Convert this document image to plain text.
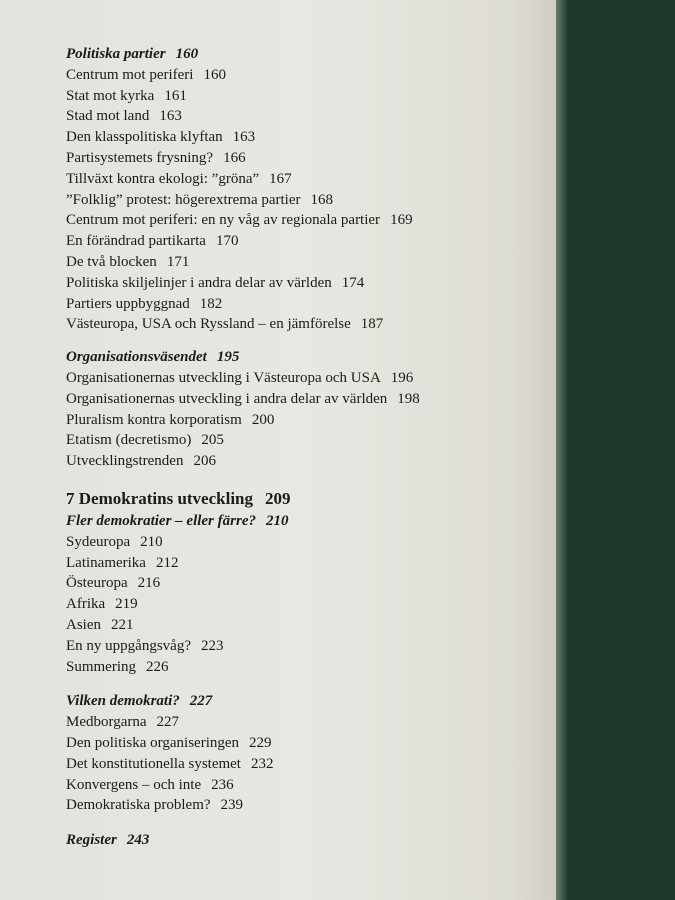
Politiska partier 160
Centrum mot periferi 160
Stat mot kyrka 161
Stad mot land 163
Den klasspolitiska klyftan 163
Partisystemets frysning? 166
Tillväxt kontra ekologi: ”gröna” 167
”Folklig” protest: högerextrema partier 168
Centrum mot periferi: en ny våg av regionala partier 169
En förändrad partikarta 170
De två blocken 171
Politiska skiljelinjer i andra delar av världen 174
Partiers uppbyggnad 182
Västeuropa, USA och Ryssland – en jämförelse 187
Organisationsväsendet 195
Organisationernas utveckling i Västeuropa och USA 196
Organisationernas utveckling i andra delar av världen 198
Pluralism kontra korporatism 200
Etatism (decretismo) 205
Utvecklingstrenden 206
7 Demokratins utveckling 209
Fler demokratier – eller färre? 210
Sydeuropa 210
Latinamerika 212
Östeuropa 216
Afrika 219
Asien 221
En ny uppgångsvåg? 223
Summering 226
Vilken demokrati? 227
Medborgarna 227
Den politiska organiseringen 229
Det konstitutionella systemet 232
Konvergens – och inte 236
Demokratiska problem? 239
Register 243
